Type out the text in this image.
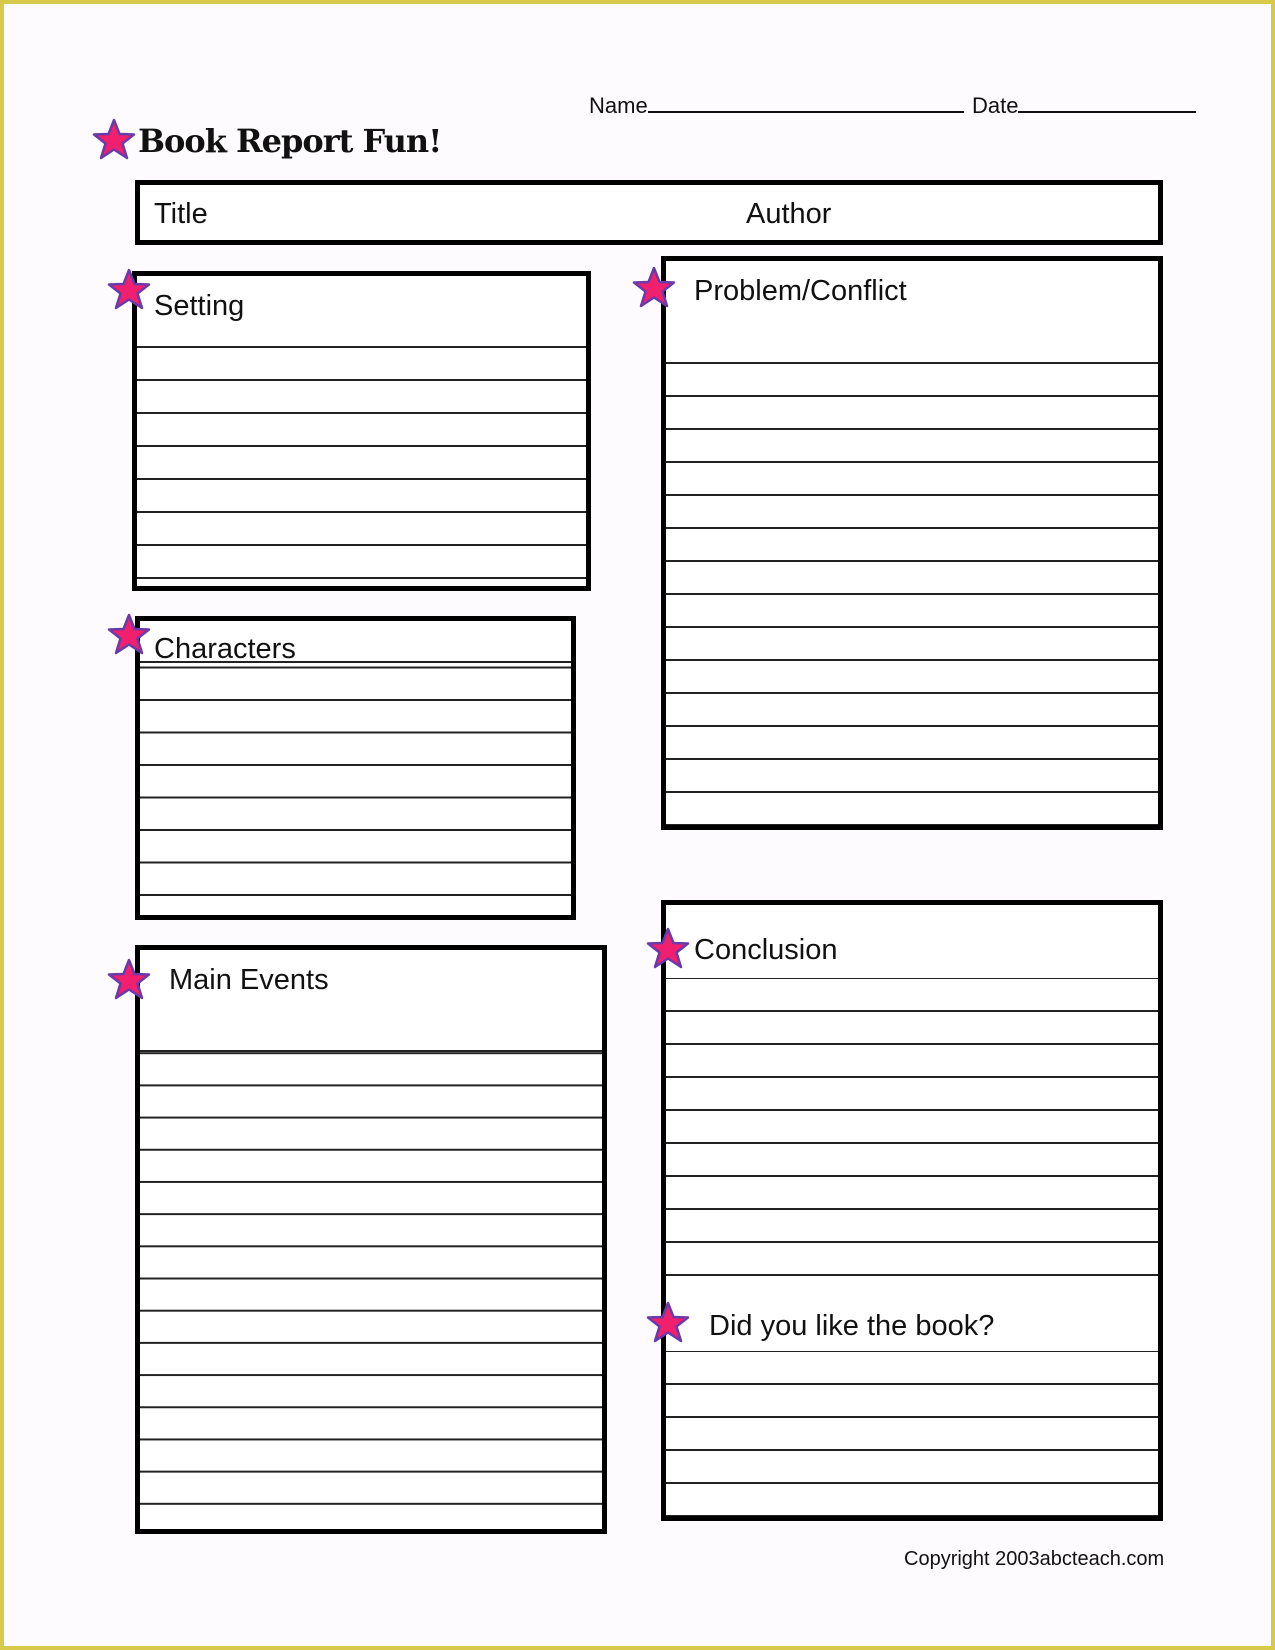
Name	Date
Book Report Fun!
Title	Author
Setting	Problem/Conflict
Characters
Main Events
Conclusion
Did you like the book?
Copyright 2003abcteach.com
